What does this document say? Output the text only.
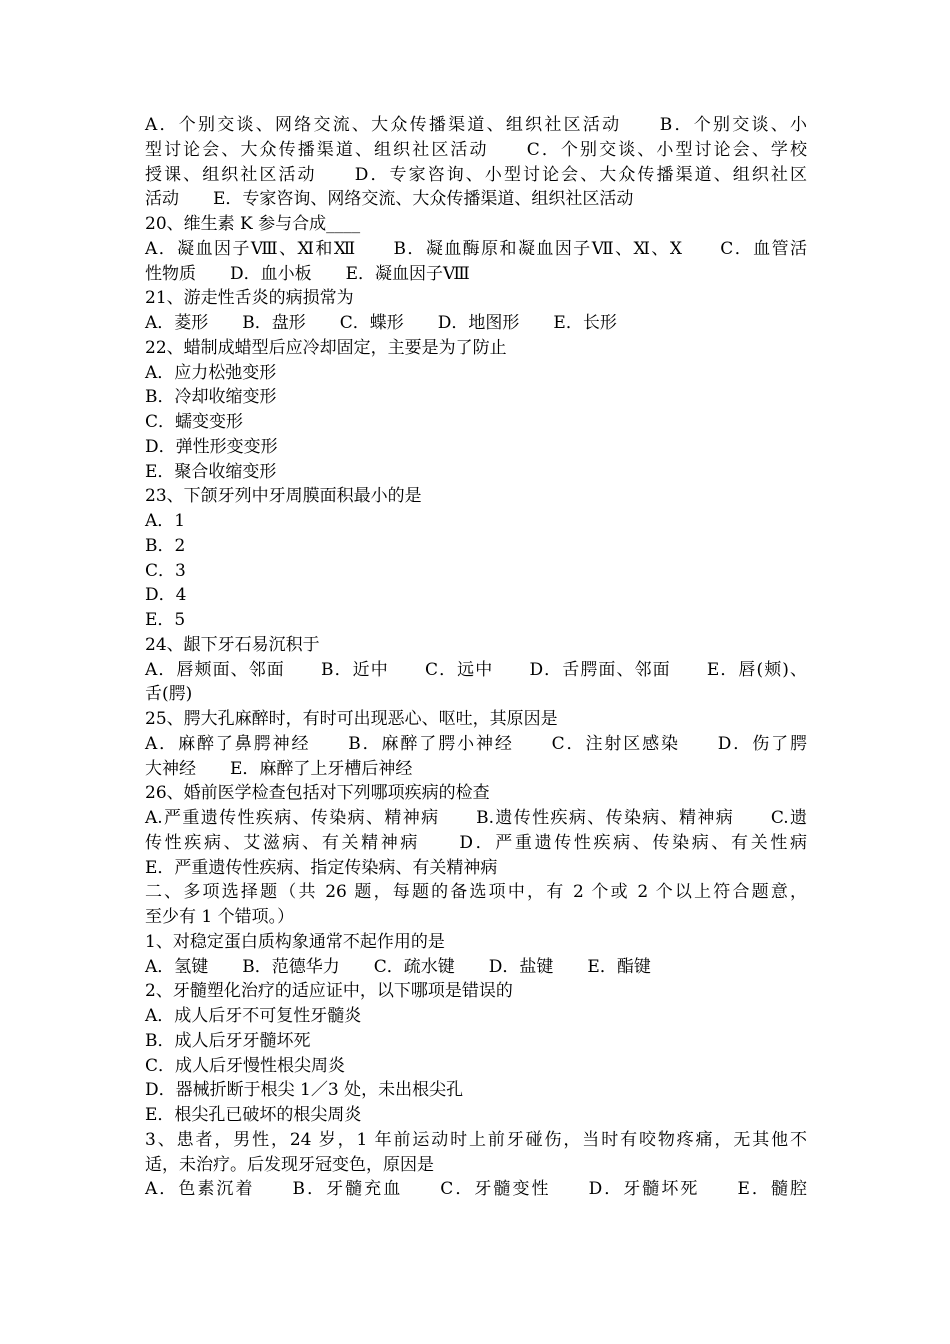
A．个别交谈、网络交流、大众传播渠道、组织社区活动　　B．个别交谈、小
型讨论会、大众传播渠道、组织社区活动　　C．个别交谈、小型讨论会、学校
授课、组织社区活动　　D．专家咨询、小型讨论会、大众传播渠道、组织社区
活动　　E．专家咨询、网络交流、大众传播渠道、组织社区活动
20、维生素 K 参与合成____
A．凝血因子Ⅷ、Ⅺ和Ⅻ　　B．凝血酶原和凝血因子Ⅶ、Ⅺ、Ⅹ　　C．血管活
性物质　　D．血小板　　E．凝血因子Ⅷ
21、游走性舌炎的病损常为
A．菱形　　B．盘形　　C．蝶形　　D．地图形　　E．长形
22、蜡制成蜡型后应冷却固定，主要是为了防止
A．应力松弛变形
B．冷却收缩变形
C．蠕变变形
D．弹性形变变形
E．聚合收缩变形
23、下颌牙列中牙周膜面积最小的是
A．1
B．2
C．3
D．4
E．5
24、龈下牙石易沉积于
A．唇颊面、邻面　　B．近中　　C．远中　　D．舌腭面、邻面　　E．唇(颊)、
舌(腭)
25、腭大孔麻醉时，有时可出现恶心、呕吐，其原因是
A．麻醉了鼻腭神经　　B．麻醉了腭小神经　　C．注射区感染　　D．伤了腭
大神经　　E．麻醉了上牙槽后神经
26、婚前医学检查包括对下列哪项疾病的检查
A.严重遗传性疾病、传染病、精神病　　B.遗传性疾病、传染病、精神病　　C.遗
传性疾病、艾滋病、有关精神病　　D．严重遗传性疾病、传染病、有关性病
E．严重遗传性疾病、指定传染病、有关精神病
二、多项选择题（共 26 题，每题的备选项中，有 2 个或 2 个以上符合题意，
至少有 1 个错项。）
1、对稳定蛋白质构象通常不起作用的是
A．氢键　　B．范德华力　　C．疏水键　　D．盐键　　E．酯键
2、牙髓塑化治疗的适应证中，以下哪项是错误的
A．成人后牙不可复性牙髓炎
B．成人后牙牙髓坏死
C．成人后牙慢性根尖周炎
D．器械折断于根尖 1／3 处，未出根尖孔
E．根尖孔已破坏的根尖周炎
3、患者，男性，24 岁，1 年前运动时上前牙碰伤，当时有咬物疼痛，无其他不
适，未治疗。后发现牙冠变色，原因是
A．色素沉着　　B．牙髓充血　　C．牙髓变性　　D．牙髓坏死　　E．髓腔
